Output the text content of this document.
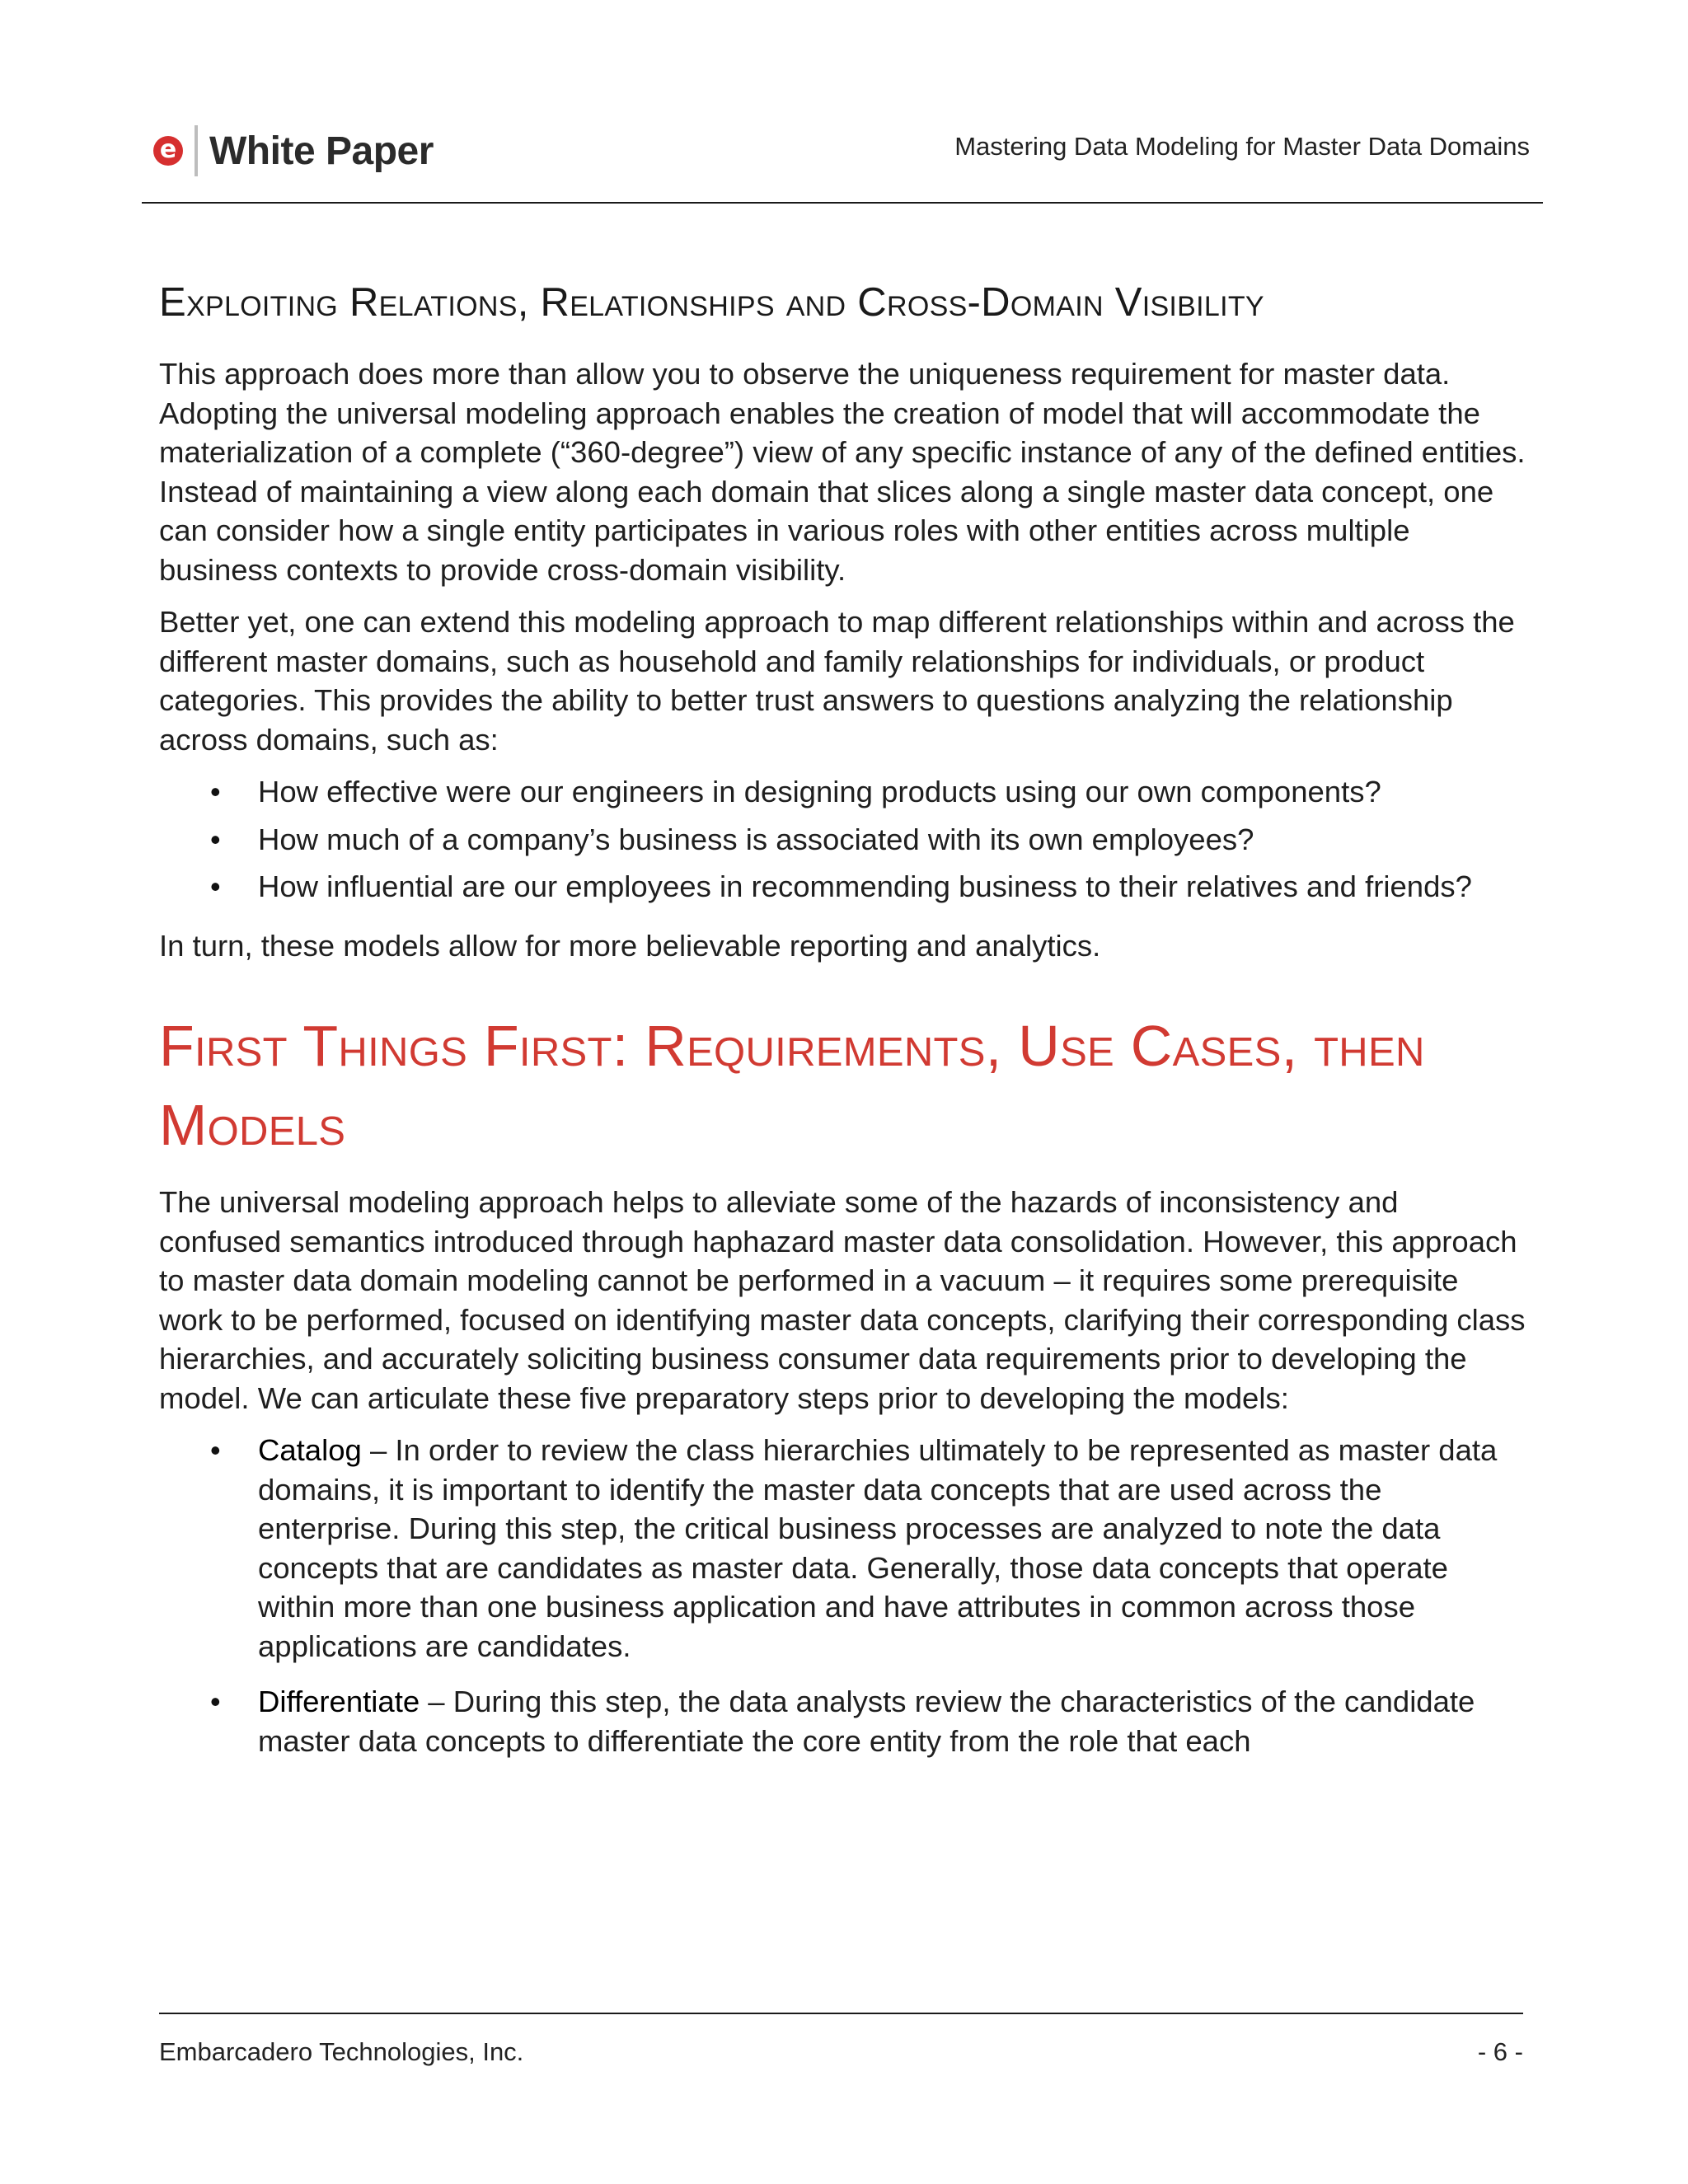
e White Paper	Mastering Data Modeling for Master Data Domains
Exploiting Relations, Relationships and Cross-Domain Visibility

This approach does more than allow you to observe the uniqueness requirement for master data. Adopting the universal modeling approach enables the creation of model that will accommodate the materialization of a complete (“360-degree”) view of any specific instance of any of the defined entities. Instead of maintaining a view along each domain that slices along a single master data concept, one can consider how a single entity participates in various roles with other entities across multiple business contexts to provide cross-domain visibility.

Better yet, one can extend this modeling approach to map different relationships within and across the different master domains, such as household and family relationships for individuals, or product categories. This provides the ability to better trust answers to questions analyzing the relationship across domains, such as:

• How effective were our engineers in designing products using our own components?
• How much of a company’s business is associated with its own employees?
• How influential are our employees in recommending business to their relatives and friends?

In turn, these models allow for more believable reporting and analytics.

First Things First: Requirements, Use Cases, then Models

The universal modeling approach helps to alleviate some of the hazards of inconsistency and confused semantics introduced through haphazard master data consolidation. However, this approach to master data domain modeling cannot be performed in a vacuum – it requires some prerequisite work to be performed, focused on identifying master data concepts, clarifying their corresponding class hierarchies, and accurately soliciting business consumer data requirements prior to developing the model. We can articulate these five preparatory steps prior to developing the models:

• Catalog – In order to review the class hierarchies ultimately to be represented as master data domains, it is important to identify the master data concepts that are used across the enterprise. During this step, the critical business processes are analyzed to note the data concepts that are candidates as master data. Generally, those data concepts that operate within more than one business application and have attributes in common across those applications are candidates.
• Differentiate – During this step, the data analysts review the characteristics of the candidate master data concepts to differentiate the core entity from the role that each
Embarcadero Technologies, Inc.	- 6 -
